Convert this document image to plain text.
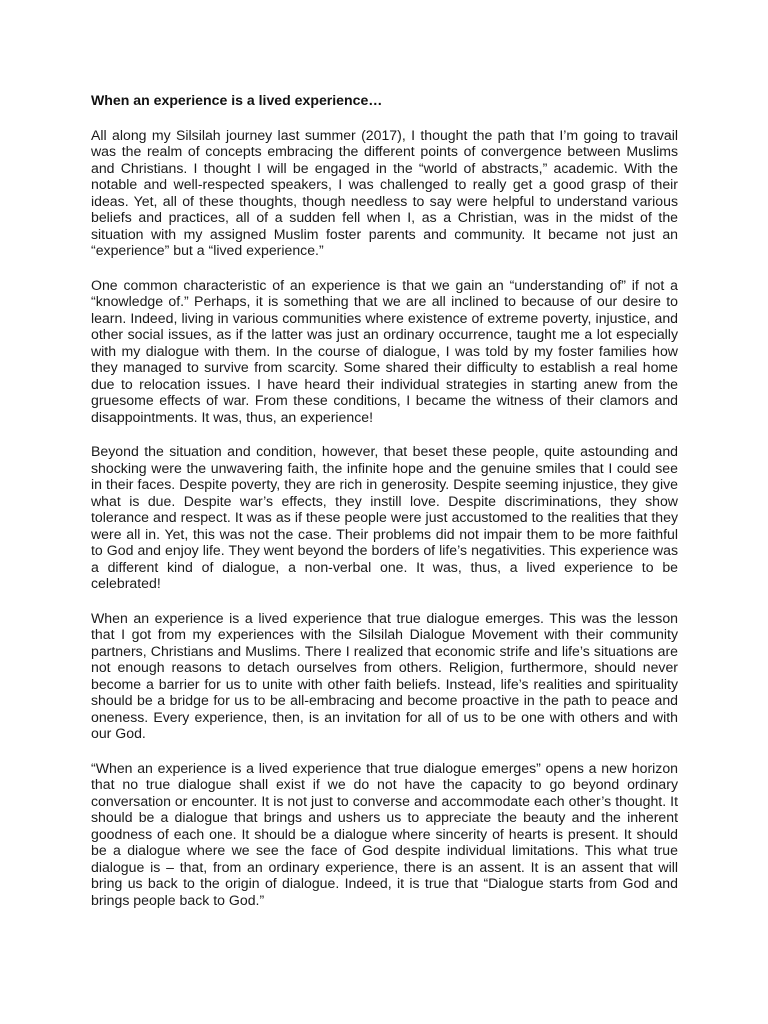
When an experience is a lived experience…

All along my Silsilah journey last summer (2017), I thought the path that I’m going to travail was the realm of concepts embracing the different points of convergence between Muslims and Christians. I thought I will be engaged in the “world of abstracts,” academic. With the notable and well-respected speakers, I was challenged to really get a good grasp of their ideas. Yet, all of these thoughts, though needless to say were helpful to understand various beliefs and practices, all of a sudden fell when I, as a Christian, was in the midst of the situation with my assigned Muslim foster parents and community. It became not just an “experience” but a “lived experience.”

One common characteristic of an experience is that we gain an “understanding of” if not a “knowledge of.” Perhaps, it is something that we are all inclined to because of our desire to learn. Indeed, living in various communities where existence of extreme poverty, injustice, and other social issues, as if the latter was just an ordinary occurrence, taught me a lot especially with my dialogue with them. In the course of dialogue, I was told by my foster families how they managed to survive from scarcity. Some shared their difficulty to establish a real home due to relocation issues. I have heard their individual strategies in starting anew from the gruesome effects of war. From these conditions, I became the witness of their clamors and disappointments. It was, thus, an experience!

Beyond the situation and condition, however, that beset these people, quite astounding and shocking were the unwavering faith, the infinite hope and the genuine smiles that I could see in their faces. Despite poverty, they are rich in generosity. Despite seeming injustice, they give what is due. Despite war’s effects, they instill love. Despite discriminations, they show tolerance and respect. It was as if these people were just accustomed to the realities that they were all in. Yet, this was not the case. Their problems did not impair them to be more faithful to God and enjoy life. They went beyond the borders of life’s negativities. This experience was a different kind of dialogue, a non-verbal one. It was, thus, a lived experience to be celebrated!

When an experience is a lived experience that true dialogue emerges. This was the lesson that I got from my experiences with the Silsilah Dialogue Movement with their community partners, Christians and Muslims. There I realized that economic strife and life’s situations are not enough reasons to detach ourselves from others. Religion, furthermore, should never become a barrier for us to unite with other faith beliefs. Instead, life’s realities and spirituality should be a bridge for us to be all-embracing and become proactive in the path to peace and oneness. Every experience, then, is an invitation for all of us to be one with others and with our God.

“When an experience is a lived experience that true dialogue emerges” opens a new horizon that no true dialogue shall exist if we do not have the capacity to go beyond ordinary conversation or encounter. It is not just to converse and accommodate each other’s thought. It should be a dialogue that brings and ushers us to appreciate the beauty and the inherent goodness of each one. It should be a dialogue where sincerity of hearts is present. It should be a dialogue where we see the face of God despite individual limitations. This what true dialogue is – that, from an ordinary experience, there is an assent. It is an assent that will bring us back to the origin of dialogue. Indeed, it is true that “Dialogue starts from God and brings people back to God.”
